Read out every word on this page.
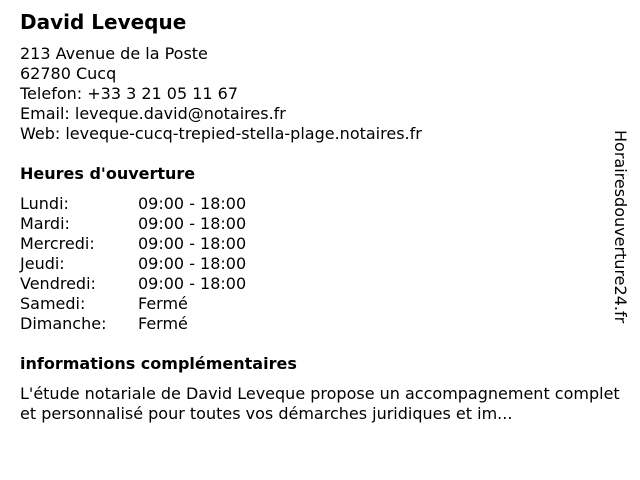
David Leveque
213 Avenue de la Poste
62780 Cucq
Telefon: +33 3 21 05 11 67
Email: leveque.david@notaires.fr
Web: leveque-cucq-trepied-stella-plage.notaires.fr
Heures d'ouverture
Lundi:	09:00 - 18:00
Mardi:	09:00 - 18:00
Mercredi:	09:00 - 18:00
Jeudi:	09:00 - 18:00
Vendredi:	09:00 - 18:00
Samedi:	Fermé
Dimanche:	Fermé
informations complémentaires
L'étude notariale de David Leveque propose un accompagnement complet et personnalisé pour toutes vos démarches juridiques et im...
Horairesdouverture24.fr
